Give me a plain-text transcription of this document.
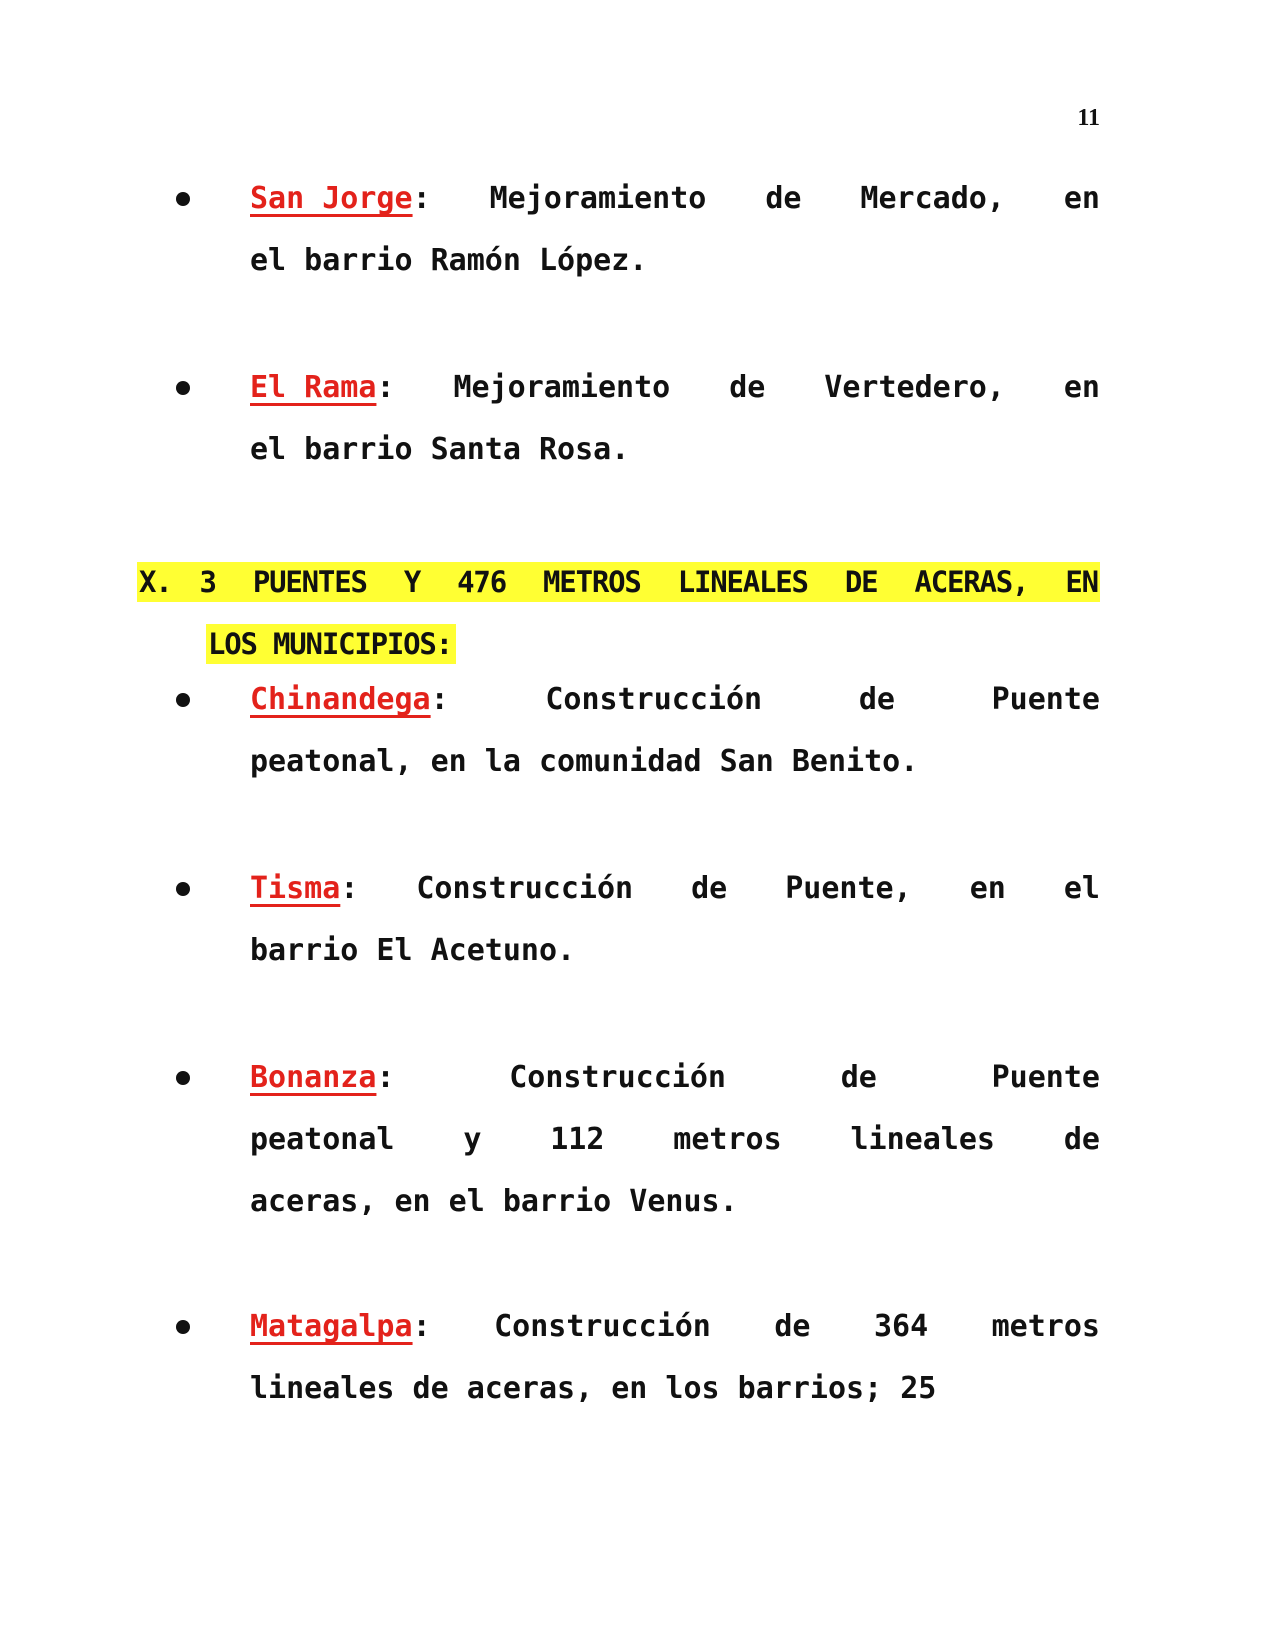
11
San Jorge: Mejoramiento de Mercado, en
el barrio Ramón López.
El Rama: Mejoramiento de Vertedero, en
el barrio Santa Rosa.
X. 3 PUENTES Y 476 METROS LINEALES DE ACERAS, EN
LOS MUNICIPIOS:
Chinandega:	Construcción	de	Puente
peatonal, en la comunidad San Benito.
Tisma: Construcción de Puente, en el
barrio El Acetuno.
Bonanza:	Construcción	de	Puente
peatonal y 112 metros lineales de
aceras, en el barrio Venus.
Matagalpa: Construcción de 364 metros
lineales de aceras, en los barrios; 25
